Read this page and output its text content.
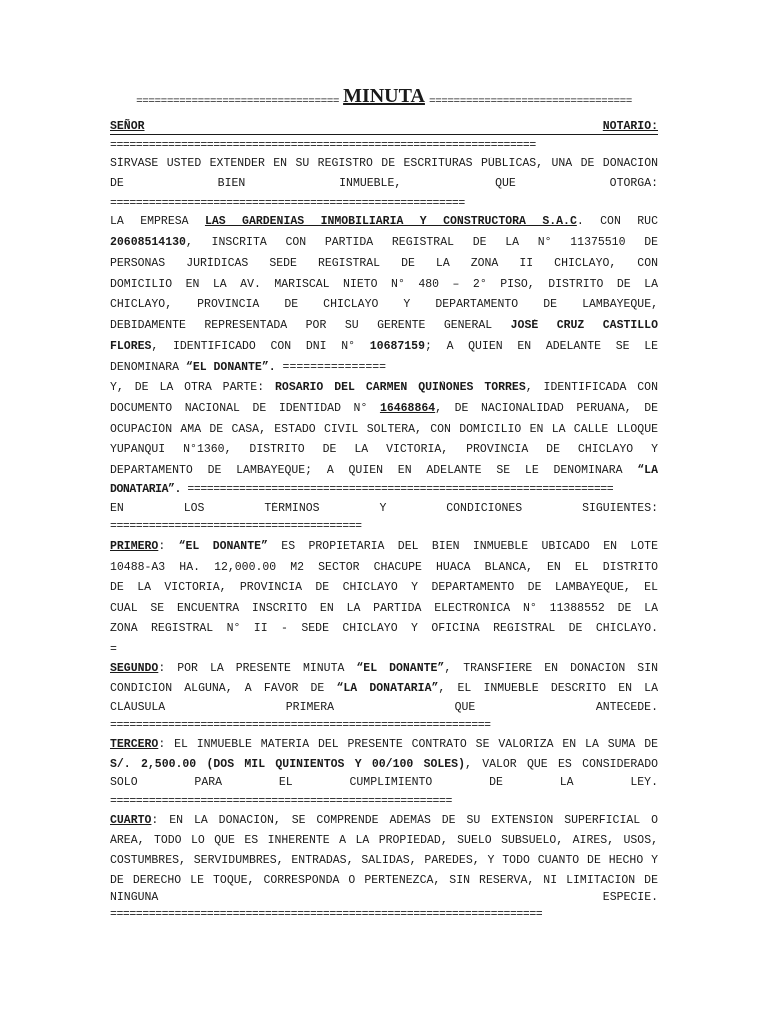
================================= MINUTA =================================
SEÑOR	NOTARIO:
==================================================================
SÍRVASE USTED EXTENDER EN SU REGISTRO DE ESCRITURAS PÚBLICAS, UNA DE DONACIÓN
DE BIEN INMUEBLE, QUE OTORGA:
=======================================================
LA EMPRESA LAS GARDENIAS INMOBILIARIA Y CONSTRUCTORA S.A.C. CON RUC
20608514130, INSCRITA CON PARTIDA REGISTRAL DE LA N° 11375510 DE
PERSONAS JURÍDICAS SEDE REGISTRAL DE LA ZONA II CHICLAYO, CON
DOMICILIO EN LA AV. MARISCAL NIETO N° 480 – 2° PISO, DISTRITO DE LA
CHICLAYO, PROVINCIA DE CHICLAYO Y DEPARTAMENTO DE LAMBAYEQUE,
DEBIDAMENTE REPRESENTADA POR SU GERENTE GENERAL JOSÉ CRUZ CASTILLO
FLORES, IDENTIFICADO CON DNI N° 10687159; A QUIEN EN ADELANTE SE LE
DENOMINARA “EL DONANTE”. ===============
Y, DE LA OTRA PARTE: ROSARIO DEL CARMEN QUIÑONES TORRES, IDENTIFICADA CON
DOCUMENTO NACIONAL DE IDENTIDAD N° 16468864, DE NACIONALIDAD PERUANA, DE
OCUPACIÓN AMA DE CASA, ESTADO CIVIL SOLTERA, CON DOMICILIO EN LA CALLE LLOQUE
YUPANQUI N°1360, DISTRITO DE LA VICTORIA, PROVINCIA DE CHICLAYO Y
DEPARTAMENTO DE LAMBAYEQUE; A QUIEN EN ADELANTE SE LE DENOMINARA “LA
DONATARIA”. ==================================================================
EN LOS TÉRMINOS Y CONDICIONES SIGUIENTES:
=======================================
PRIMERO: “EL DONANTE” ES PROPIETARIA DEL BIEN INMUEBLE UBICADO EN LOTE
10488-A3 HA. 12,000.00 M2 SECTOR CHACUPE HUACA BLANCA, EN EL DISTRITO
DE LA VICTORIA, PROVINCIA DE CHICLAYO Y DEPARTAMENTO DE LAMBAYEQUE, EL
CUAL SE ENCUENTRA INSCRITO EN LA PARTIDA ELECTRÓNICA N° 11388552 DE LA
ZONA REGISTRAL N° II - SEDE CHICLAYO Y OFICINA REGISTRAL DE CHICLAYO.
=
SEGUNDO: POR LA PRESENTE MINUTA “EL DONANTE”, TRANSFIERE EN DONACIÓN SIN
CONDICIÓN ALGUNA, A FAVOR DE “LA DONATARIA”, EL INMUEBLE DESCRITO EN LA
CLÁUSULA PRIMERA QUE ANTECEDE.
===========================================================
TERCERO: EL INMUEBLE MATERIA DEL PRESENTE CONTRATO SE VALORIZA EN LA SUMA DE
S/. 2,500.00 (DOS MIL QUINIENTOS Y 00/100 SOLES), VALOR QUE ES CONSIDERADO
SOLO PARA EL CUMPLIMIENTO DE LA LEY.
=====================================================
CUARTO: EN LA DONACIÓN, SE COMPRENDE ADEMÁS DE SU EXTENSIÓN SUPERFICIAL O
ÁREA, TODO LO QUE ES INHERENTE A LA PROPIEDAD, SUELO SUBSUELO, AIRES, USOS,
COSTUMBRES, SERVIDUMBRES, ENTRADAS, SALIDAS, PAREDES, Y TODO CUANTO DE HECHO Y
DE DERECHO LE TOQUE, CORRESPONDA O PERTENEZCA, SIN RESERVA, NI LIMITACIÓN DE
NINGUNA ESPECIE.
===================================================================
